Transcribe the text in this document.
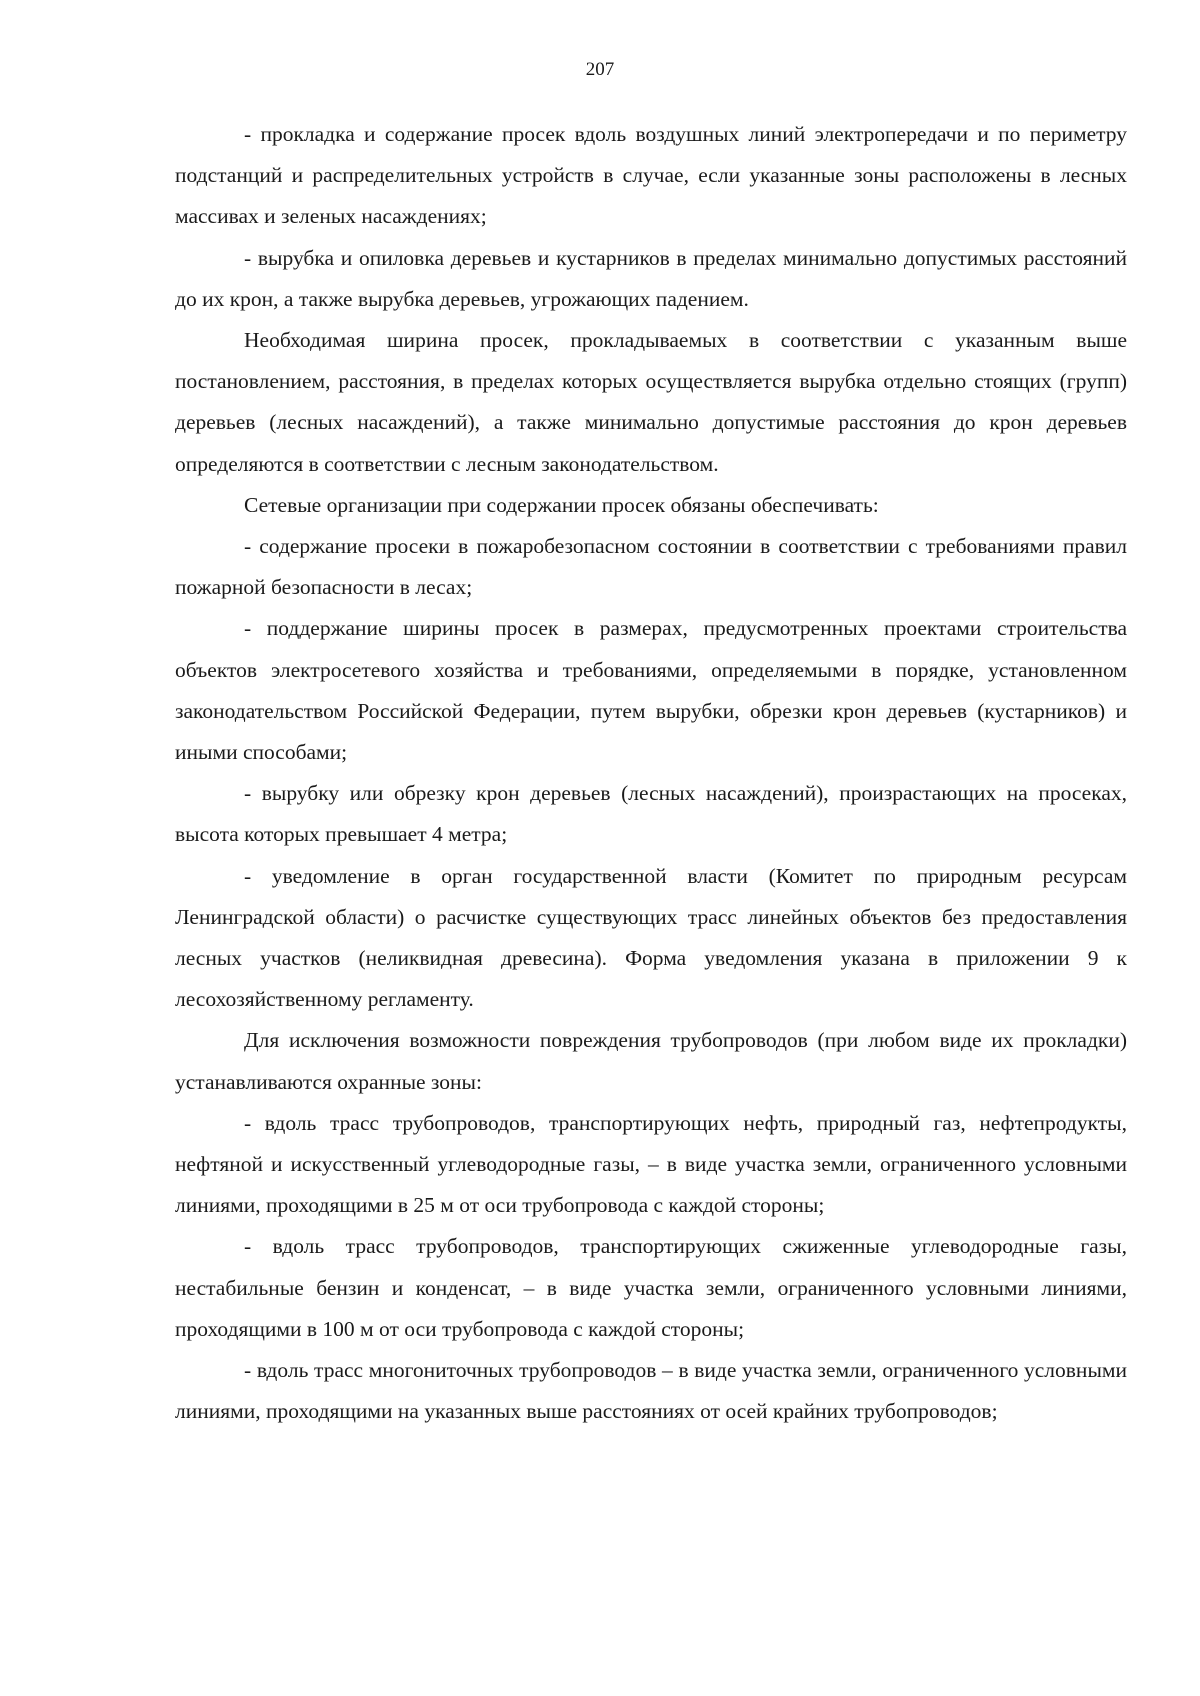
207

- прокладка и содержание просек вдоль воздушных линий электропередачи и по периметру подстанций и распределительных устройств в случае, если указанные зоны расположены в лесных массивах и зеленых насаждениях;

- вырубка и опиловка деревьев и кустарников в пределах минимально допустимых расстояний до их крон, а также вырубка деревьев, угрожающих падением.

Необходимая ширина просек, прокладываемых в соответствии с указанным выше постановлением, расстояния, в пределах которых осуществляется вырубка отдельно стоящих (групп) деревьев (лесных насаждений), а также минимально допустимые расстояния до крон деревьев определяются в соответствии с лесным законодательством.

Сетевые организации при содержании просек обязаны обеспечивать:

- содержание просеки в пожаробезопасном состоянии в соответствии с требованиями правил пожарной безопасности в лесах;

- поддержание ширины просек в размерах, предусмотренных проектами строительства объектов электросетевого хозяйства и требованиями, определяемыми в порядке, установленном законодательством Российской Федерации, путем вырубки, обрезки крон деревьев (кустарников) и иными способами;

- вырубку или обрезку крон деревьев (лесных насаждений), произрастающих на просеках, высота которых превышает 4 метра;

- уведомление в орган государственной власти (Комитет по природным ресурсам Ленинградской области) о расчистке существующих трасс линейных объектов без предоставления лесных участков (неликвидная древесина). Форма уведомления указана в приложении 9 к лесохозяйственному регламенту.

Для исключения возможности повреждения трубопроводов (при любом виде их прокладки) устанавливаются охранные зоны:

- вдоль трасс трубопроводов, транспортирующих нефть, природный газ, нефтепродукты, нефтяной и искусственный углеводородные газы, – в виде участка земли, ограниченного условными линиями, проходящими в 25 м от оси трубопровода с каждой стороны;

- вдоль трасс трубопроводов, транспортирующих сжиженные углеводородные газы, нестабильные бензин и конденсат, – в виде участка земли, ограниченного условными линиями, проходящими в 100 м от оси трубопровода с каждой стороны;

- вдоль трасс многониточных трубопроводов – в виде участка земли, ограниченного условными линиями, проходящими на указанных выше расстояниях от осей крайних трубопроводов;
